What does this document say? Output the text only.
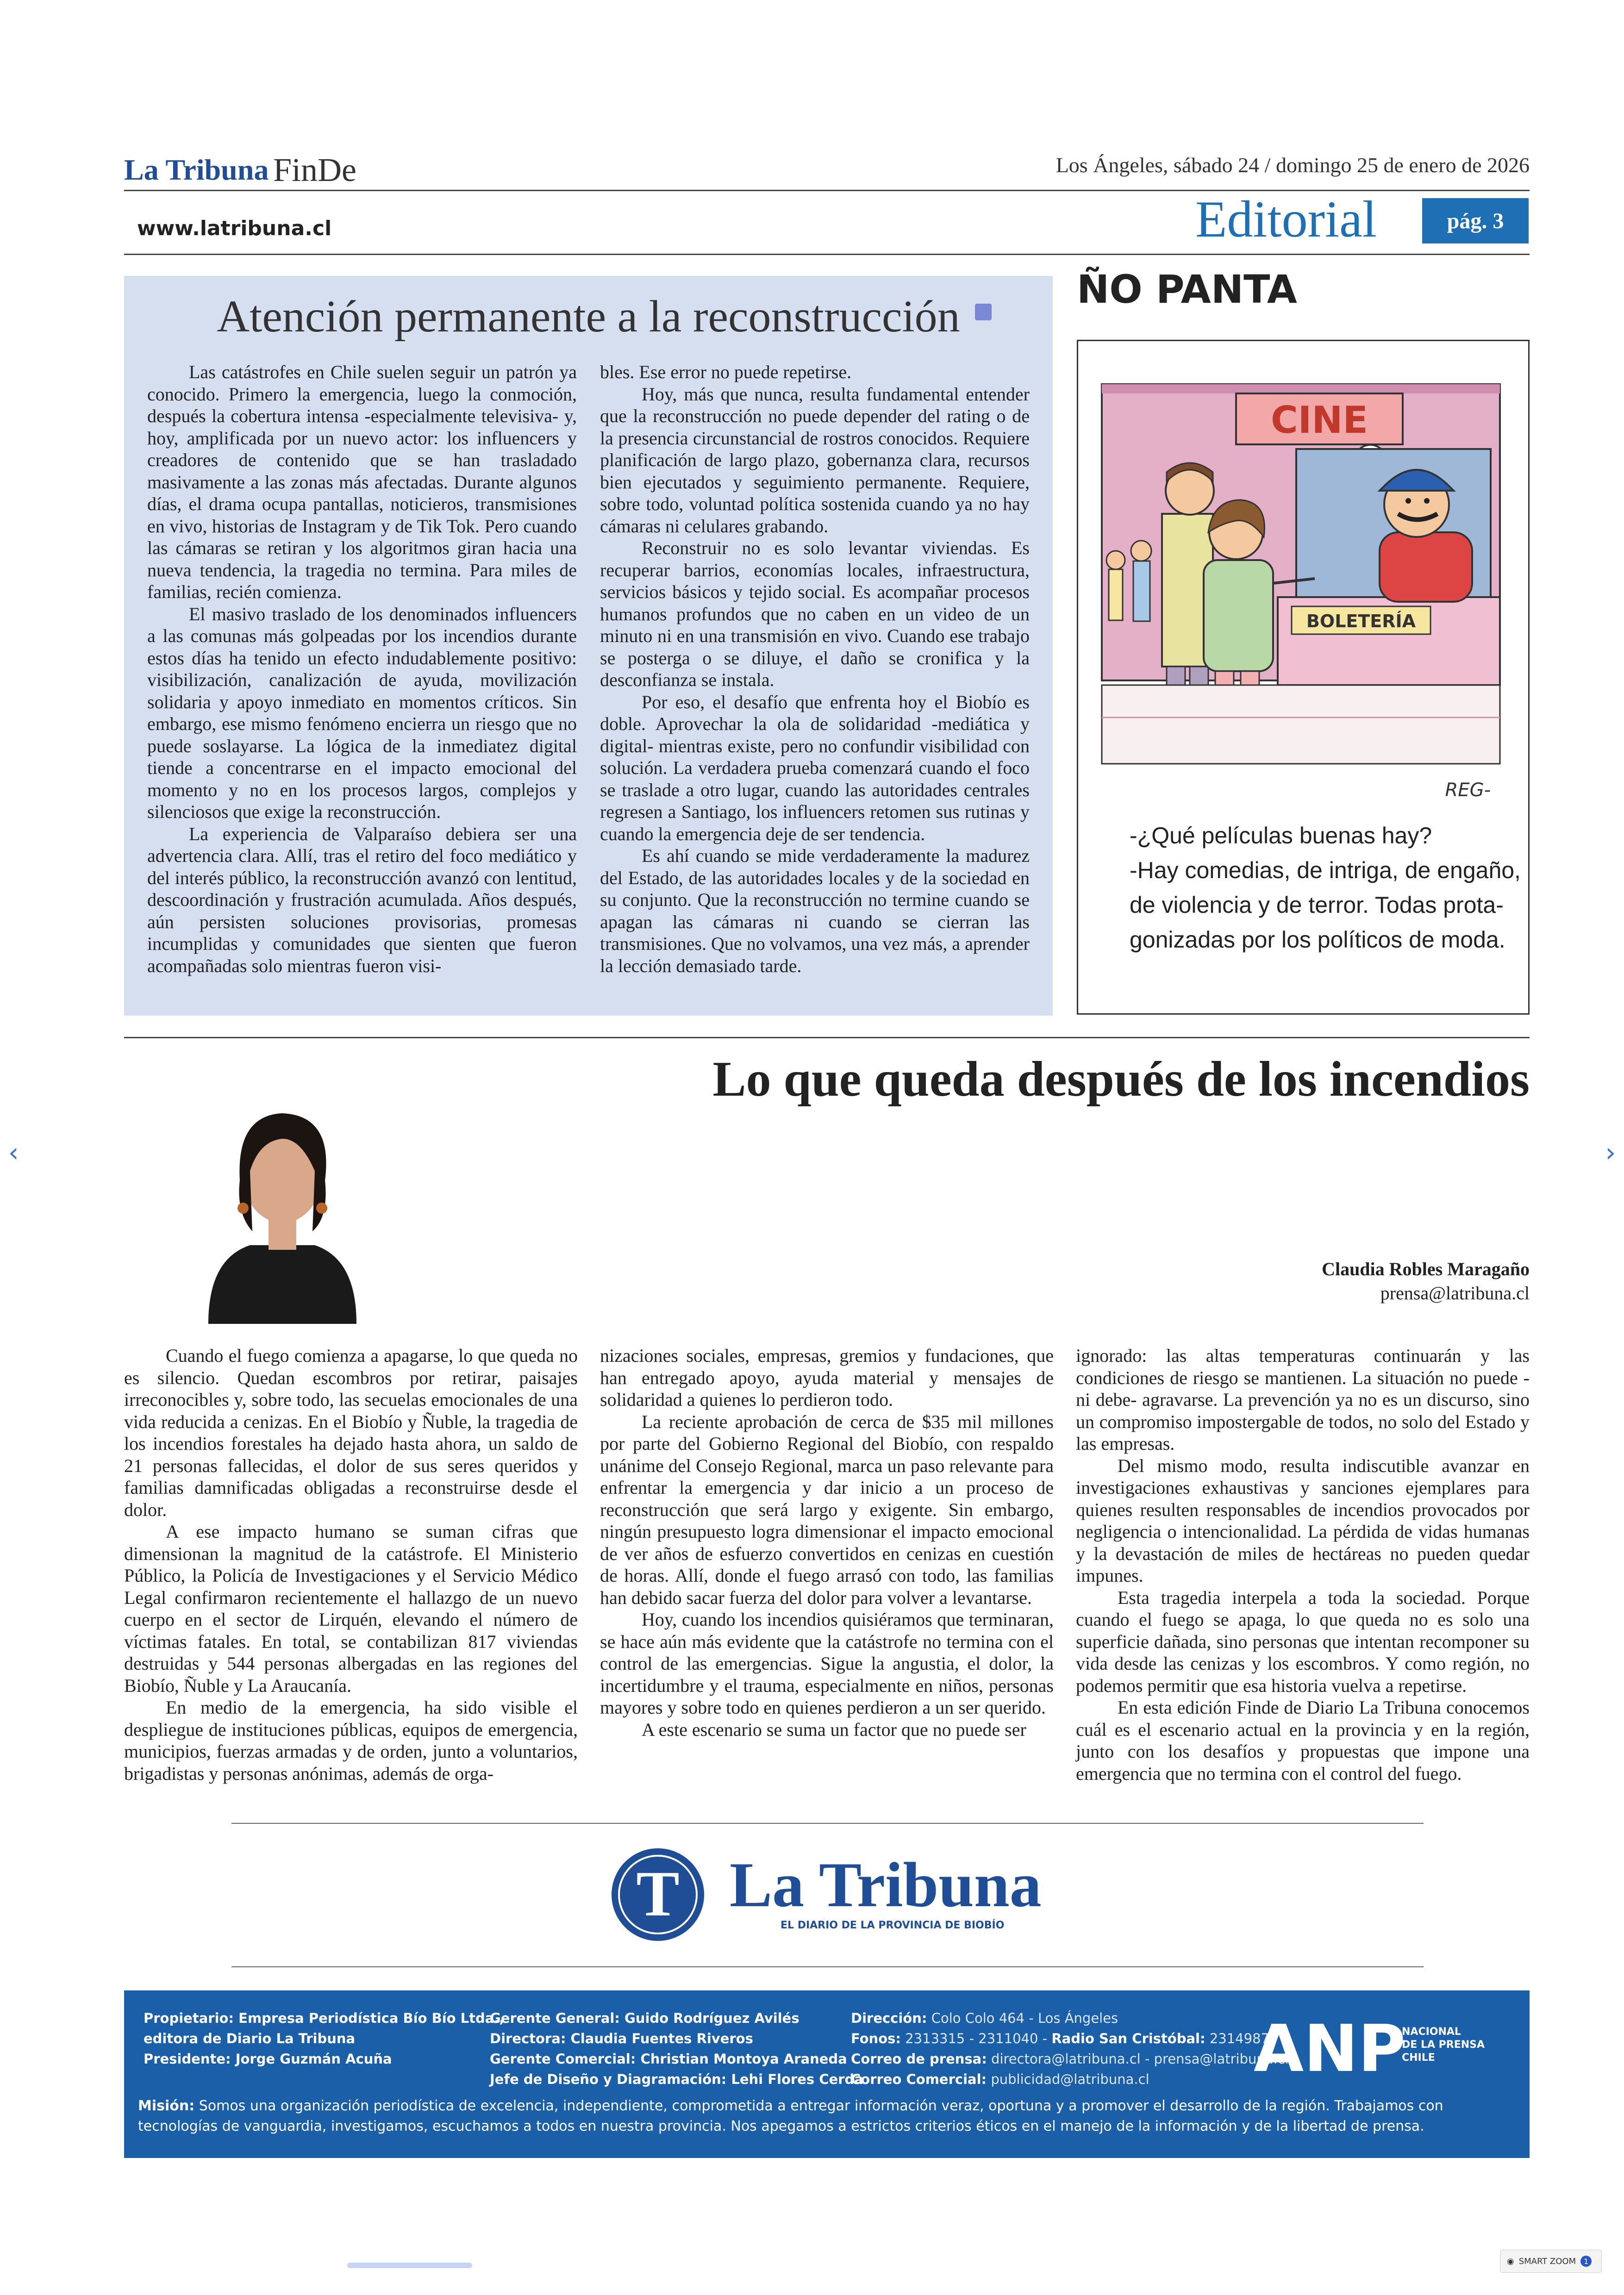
La Tribuna FinDe	Los Ángeles, sábado 24 / domingo 25 de enero de 2026
www.latribuna.cl	Editorial	pág. 3
Atención permanente a la reconstrucción

Las catástrofes en Chile suelen seguir un patrón ya conocido. Primero la emergencia, luego la conmoción, después la cobertura intensa -especialmente televisiva- y, hoy, amplificada por un nuevo actor: los influencers y creadores de contenido que se han trasladado masivamente a las zonas más afectadas. Durante algunos días, el drama ocupa pantallas, noticieros, transmisiones en vivo, historias de Instagram y de Tik Tok. Pero cuando las cámaras se retiran y los algoritmos giran hacia una nueva tendencia, la tragedia no termina. Para miles de familias, recién comienza.

El masivo traslado de los denominados influencers a las comunas más golpeadas por los incendios durante estos días ha tenido un efecto indudablemente positivo: visibilización, canalización de ayuda, movilización solidaria y apoyo inmediato en momentos críticos. Sin embargo, ese mismo fenómeno encierra un riesgo que no puede soslayarse. La lógica de la inmediatez digital tiende a concentrarse en el impacto emocional del momento y no en los procesos largos, complejos y silenciosos que exige la reconstrucción.

La experiencia de Valparaíso debiera ser una advertencia clara. Allí, tras el retiro del foco mediático y del interés público, la reconstrucción avanzó con lentitud, descoordinación y frustración acumulada. Años después, aún persisten soluciones provisorias, promesas incumplidas y comunidades que sienten que fueron acompañadas solo mientras fueron visi-

bles. Ese error no puede repetirse.

Hoy, más que nunca, resulta fundamental entender que la reconstrucción no puede depender del rating o de la presencia circunstancial de rostros conocidos. Requiere planificación de largo plazo, gobernanza clara, recursos bien ejecutados y seguimiento permanente. Requiere, sobre todo, voluntad política sostenida cuando ya no hay cámaras ni celulares grabando.

Reconstruir no es solo levantar viviendas. Es recuperar barrios, economías locales, infraestructura, servicios básicos y tejido social. Es acompañar procesos humanos profundos que no caben en un video de un minuto ni en una transmisión en vivo. Cuando ese trabajo se posterga o se diluye, el daño se cronifica y la desconfianza se instala.

Por eso, el desafío que enfrenta hoy el Biobío es doble. Aprovechar la ola de solidaridad -mediática y digital- mientras existe, pero no confundir visibilidad con solución. La verdadera prueba comenzará cuando el foco se traslade a otro lugar, cuando las autoridades centrales regresen a Santiago, los influencers retomen sus rutinas y cuando la emergencia deje de ser tendencia.

Es ahí cuando se mide verdaderamente la madurez del Estado, de las autoridades locales y de la sociedad en su conjunto. Que la reconstrucción no termine cuando se apagan las cámaras ni cuando se cierran las transmisiones. Que no volvamos, una vez más, a aprender la lección demasiado tarde.

ÑO PANTA
CINE
BOLETERÍA
REG-
-¿Qué películas buenas hay?
-Hay comedias, de intriga, de engaño,
de violencia y de terror. Todas prota-
gonizadas por los políticos de moda.
Lo que queda después de los incendios
Claudia Robles Maragaño
prensa@latribuna.cl

Cuando el fuego comienza a apagarse, lo que queda no es silencio. Quedan escombros por retirar, paisajes irreconocibles y, sobre todo, las secuelas emocionales de una vida reducida a cenizas. En el Biobío y Ñuble, la tragedia de los incendios forestales ha dejado hasta ahora, un saldo de 21 personas fallecidas, el dolor de sus seres queridos y familias damnificadas obligadas a reconstruirse desde el dolor.

A ese impacto humano se suman cifras que dimensionan la magnitud de la catástrofe. El Ministerio Público, la Policía de Investigaciones y el Servicio Médico Legal confirmaron recientemente el hallazgo de un nuevo cuerpo en el sector de Lirquén, elevando el número de víctimas fatales. En total, se contabilizan 817 viviendas destruidas y 544 personas albergadas en las regiones del Biobío, Ñuble y La Araucanía.

En medio de la emergencia, ha sido visible el despliegue de instituciones públicas, equipos de emergencia, municipios, fuerzas armadas y de orden, junto a voluntarios, brigadistas y personas anónimas, además de orga-

nizaciones sociales, empresas, gremios y fundaciones, que han entregado apoyo, ayuda material y mensajes de solidaridad a quienes lo perdieron todo.

La reciente aprobación de cerca de $35 mil millones por parte del Gobierno Regional del Biobío, con respaldo unánime del Consejo Regional, marca un paso relevante para enfrentar la emergencia y dar inicio a un proceso de reconstrucción que será largo y exigente. Sin embargo, ningún presupuesto logra dimensionar el impacto emocional de ver años de esfuerzo convertidos en cenizas en cuestión de horas. Allí, donde el fuego arrasó con todo, las familias han debido sacar fuerza del dolor para volver a levantarse.

Hoy, cuando los incendios quisiéramos que terminaran, se hace aún más evidente que la catástrofe no termina con el control de las emergencias. Sigue la angustia, el dolor, la incertidumbre y el trauma, especialmente en niños, personas mayores y sobre todo en quienes perdieron a un ser querido.

A este escenario se suma un factor que no puede ser

ignorado: las altas temperaturas continuarán y las condiciones de riesgo se mantienen. La situación no puede -ni debe- agravarse. La prevención ya no es un discurso, sino un compromiso impostergable de todos, no solo del Estado y las empresas.

Del mismo modo, resulta indiscutible avanzar en investigaciones exhaustivas y sanciones ejemplares para quienes resulten responsables de incendios provocados por negligencia o intencionalidad. La pérdida de vidas humanas y la devastación de miles de hectáreas no pueden quedar impunes.

Esta tragedia interpela a toda la sociedad. Porque cuando el fuego se apaga, lo que queda no es solo una superficie dañada, sino personas que intentan recomponer su vida desde las cenizas y los escombros. Y como región, no podemos permitir que esa historia vuelva a repetirse.

En esta edición Finde de Diario La Tribuna conocemos cuál es el escenario actual en la provincia y en la región, junto con los desafíos y propuestas que impone una emergencia que no termina con el control del fuego.

T La Tribuna
EL DIARIO DE LA PROVINCIA DE BIOBÍO
Propietario: Empresa Periodística Bío Bío Ltda.,
editora de Diario La Tribuna
Presidente: Jorge Guzmán Acuña
Gerente General: Guido Rodríguez Avilés
Directora: Claudia Fuentes Riveros
Gerente Comercial: Christian Montoya Araneda
Jefe de Diseño y Diagramación: Lehi Flores Cerda
Dirección: Colo Colo 464 - Los Ángeles
Fonos: 2313315 - 2311040 - Radio San Cristóbal: 2314987
Correo de prensa: directora@latribuna.cl - prensa@latribuna.cl
Correo Comercial: publicidad@latribuna.cl	ANP
NACIONAL
DE LA PRENSA
CHILE
Misión: Somos una organización periodística de excelencia, independiente, comprometida a entregar información veraz, oportuna y a promover el desarrollo de la región. Trabajamos con tecnologías de vanguardia, investigamos, escuchamos a todos en nuestra provincia. Nos apegamos a estrictos criterios éticos en el manejo de la información y de la libertad de prensa.
‹	›
◉ SMART ZOOM	1
